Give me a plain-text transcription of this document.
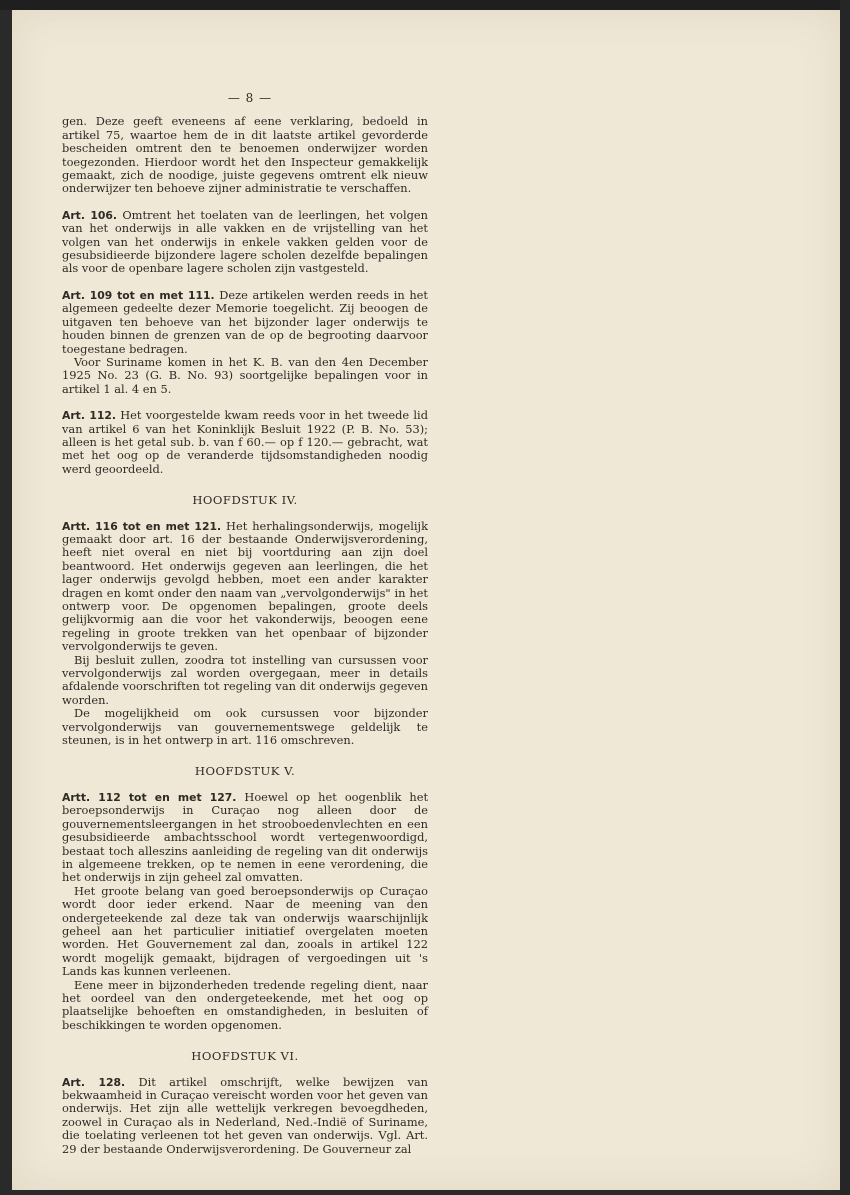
— 8 —

gen. Deze geeft eveneens af eene verklaring, bedoeld in artikel 75, waartoe hem de in dit laatste artikel gevorderde bescheiden omtrent den te benoemen onderwijzer worden toegezonden. Hierdoor wordt het den Inspecteur gemakkelijk gemaakt, zich de noodige, juiste gegevens omtrent elk nieuw onderwijzer ten behoeve zijner administratie te verschaffen.

Art. 106. Omtrent het toelaten van de leerlingen, het volgen van het onderwijs in alle vakken en de vrijstelling van het volgen van het onderwijs in enkele vakken gelden voor de gesubsidieerde bijzondere lagere scholen dezelfde bepalingen als voor de openbare lagere scholen zijn vastgesteld.

Art. 109 tot en met 111. Deze artikelen werden reeds in het algemeen gedeelte dezer Memorie toegelicht. Zij beoogen de uitgaven ten behoeve van het bijzonder lager onderwijs te houden binnen de grenzen van de op de begrooting daarvoor toegestane bedragen.

Voor Suriname komen in het K. B. van den 4en December 1925 No. 23 (G. B. No. 93) soortgelijke bepalingen voor in artikel 1 al. 4 en 5.

Art. 112. Het voorgestelde kwam reeds voor in het tweede lid van artikel 6 van het Koninklijk Besluit 1922 (P. B. No. 53); alleen is het getal sub. b. van f 60.— op f 120.— gebracht, wat met het oog op de veranderde tijdsomstandigheden noodig werd geoordeeld.

HOOFDSTUK IV.

Artt. 116 tot en met 121. Het herhalingsonderwijs, mogelijk gemaakt door art. 16 der bestaande Onderwijsverordening, heeft niet overal en niet bij voortduring aan zijn doel beantwoord. Het onderwijs gegeven aan leerlingen, die het lager onderwijs gevolgd hebben, moet een ander karakter dragen en komt onder den naam van „vervolgonderwijs" in het ontwerp voor. De opgenomen bepalingen, groote deels gelijkvormig aan die voor het vakonderwijs, beoogen eene regeling in groote trekken van het openbaar of bijzonder vervolgonderwijs te geven.

Bij besluit zullen, zoodra tot instelling van cursussen voor vervolgonderwijs zal worden overgegaan, meer in details afdalende voorschriften tot regeling van dit onderwijs gegeven worden.

De mogelijkheid om ook cursussen voor bijzonder vervolgonderwijs van gouvernementswege geldelijk te steunen, is in het ontwerp in art. 116 omschreven.

HOOFDSTUK V.

Artt. 112 tot en met 127. Hoewel op het oogenblik het beroepsonderwijs in Curaçao nog alleen door de gouvernementsleergangen in het strooboedenvlechten en een gesubsidieerde ambachtsschool wordt vertegenwoordigd, bestaat toch alleszins aanleiding de regeling van dit onderwijs in algemeene trekken, op te nemen in eene verordening, die het onderwijs in zijn geheel zal omvatten.

Het groote belang van goed beroepsonderwijs op Curaçao wordt door ieder erkend. Naar de meening van den ondergeteekende zal deze tak van onderwijs waarschijnlijk geheel aan het particulier initiatief overgelaten moeten worden. Het Gouvernement zal dan, zooals in artikel 122 wordt mogelijk gemaakt, bijdragen of vergoedingen uit 's Lands kas kunnen verleenen.

Eene meer in bijzonderheden tredende regeling dient, naar het oordeel van den ondergeteekende, met het oog op plaatselijke behoeften en omstandigheden, in besluiten of beschikkingen te worden opgenomen.

HOOFDSTUK VI.

Art. 128. Dit artikel omschrijft, welke bewijzen van bekwaamheid in Curaçao vereischt worden voor het geven van onderwijs. Het zijn alle wettelijk verkregen bevoegdheden, zoowel in Curaçao als in Nederland, Ned.-Indië of Suriname, die toelating verleenen tot het geven van onderwijs. Vgl. Art. 29 der bestaande Onderwijsverordening. De Gouverneur zal
